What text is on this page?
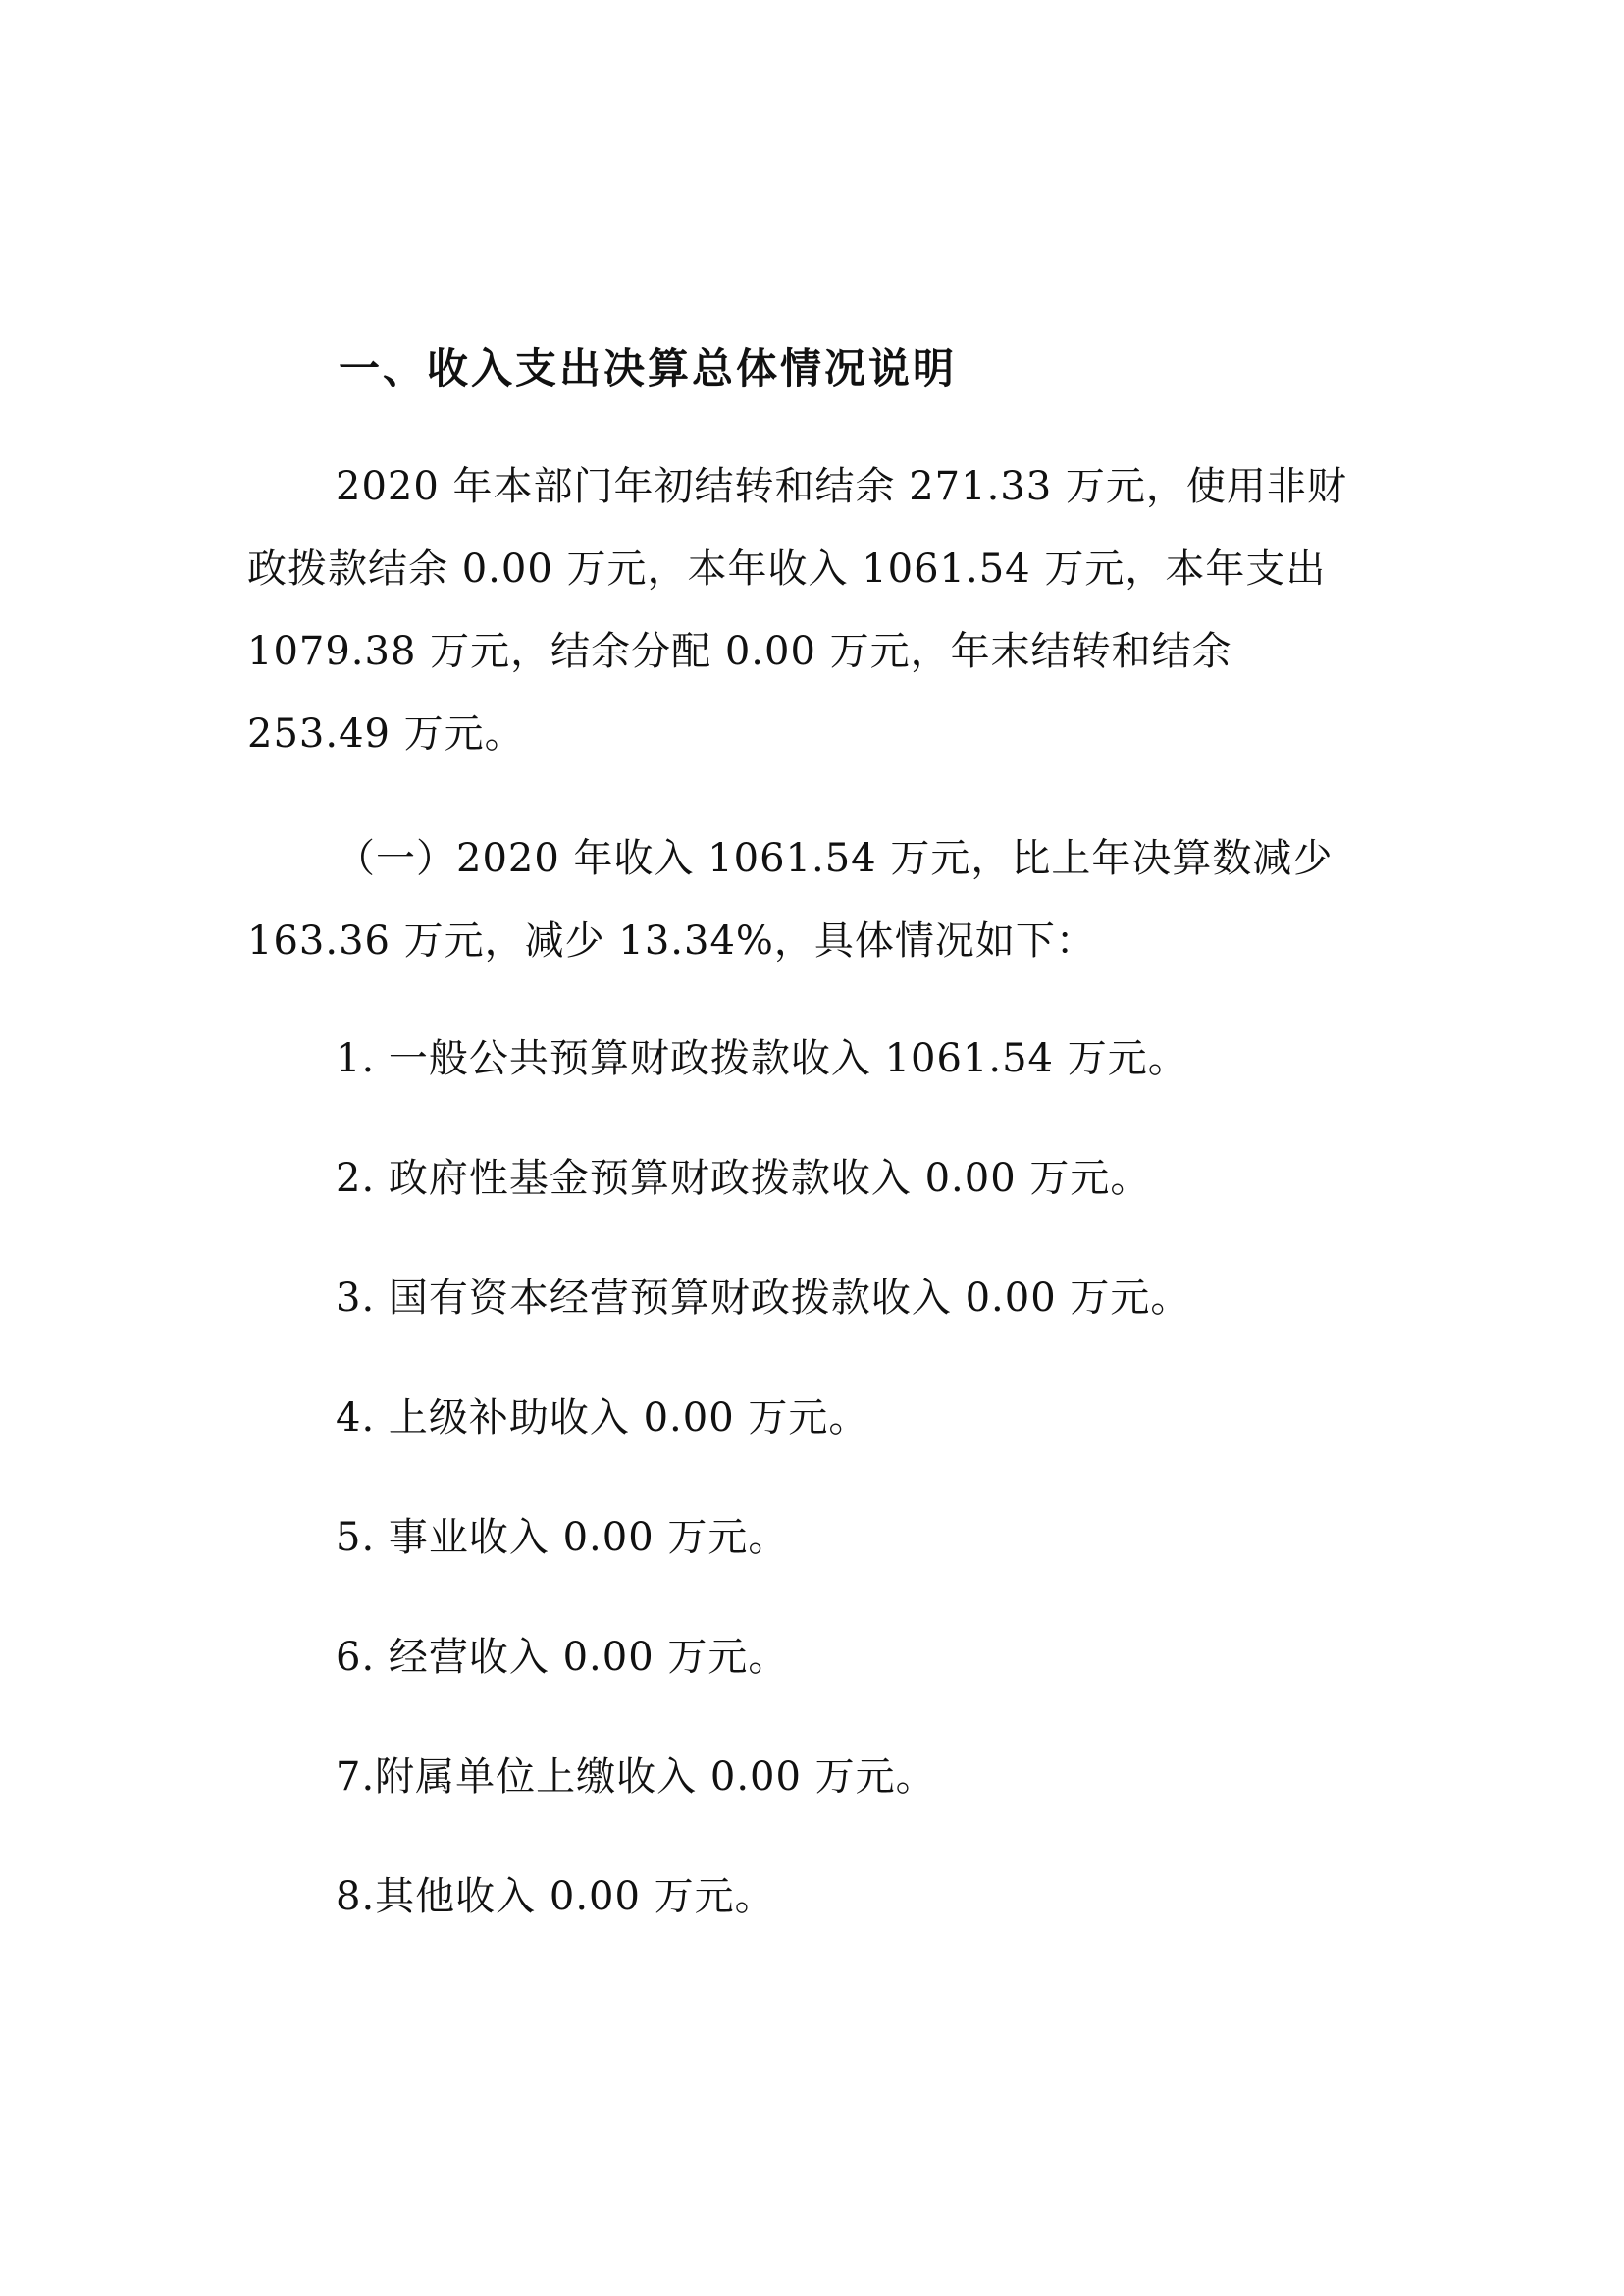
一、收入支出决算总体情况说明
2020 年本部门年初结转和结余 271.33 万元，使用非财
政拨款结余 0.00 万元，本年收入 1061.54 万元，本年支出
1079.38 万元，结余分配 0.00 万元，年末结转和结余
253.49 万元。
（一）2020 年收入 1061.54 万元，比上年决算数减少
163.36 万元，减少 13.34%，具体情况如下：
1. 一般公共预算财政拨款收入 1061.54 万元。
2. 政府性基金预算财政拨款收入 0.00 万元。
3. 国有资本经营预算财政拨款收入 0.00 万元。
4. 上级补助收入 0.00 万元。
5. 事业收入 0.00 万元。
6. 经营收入 0.00 万元。
7.附属单位上缴收入 0.00 万元。
8.其他收入 0.00 万元。
